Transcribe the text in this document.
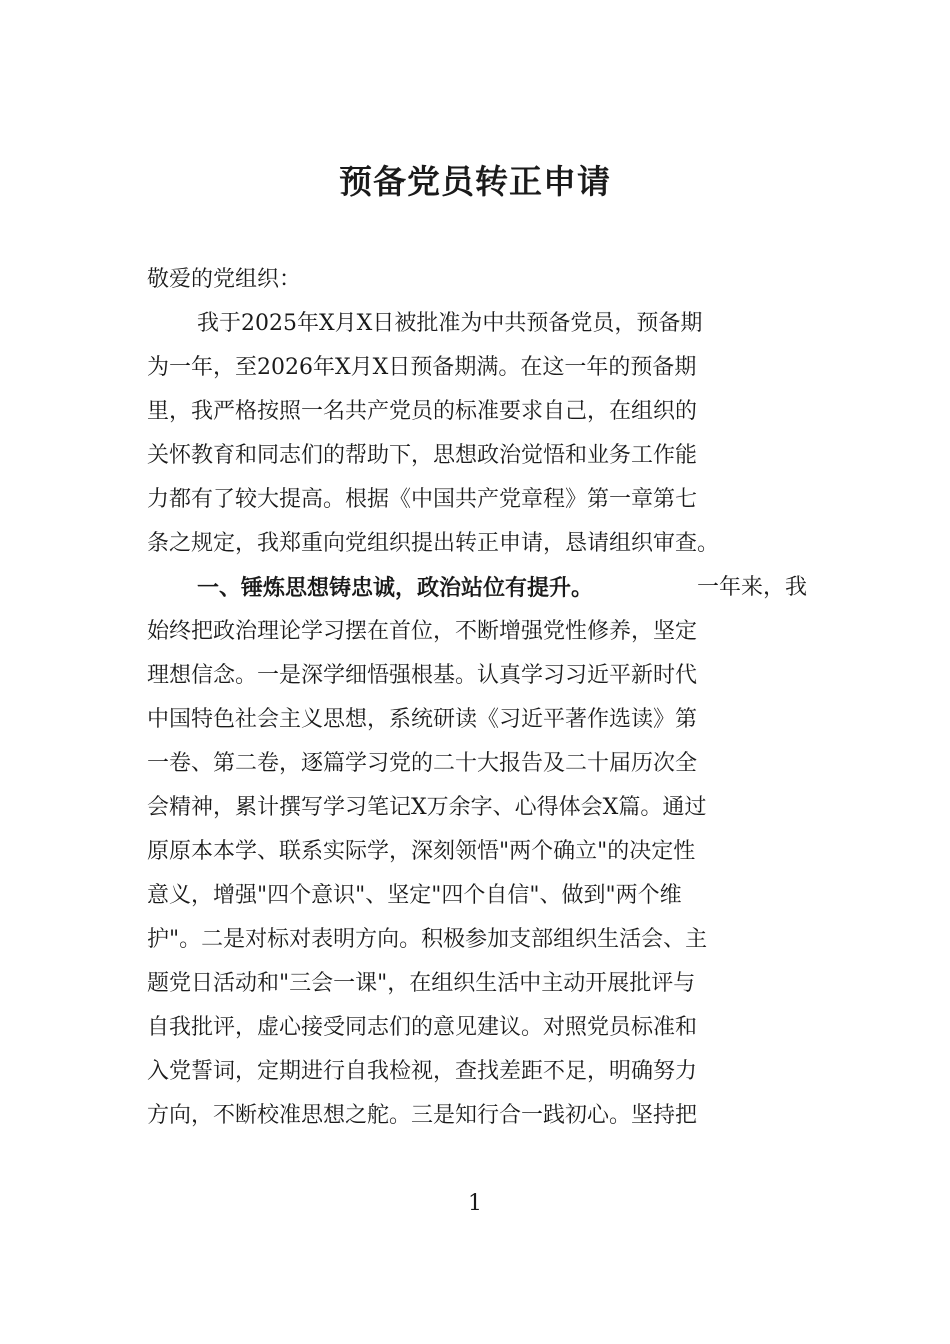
预备党员转正申请
敬爱的党组织：
我于2025年X月X日被批准为中共预备党员，预备期
为一年，至2026年X月X日预备期满。在这一年的预备期
里，我严格按照一名共产党员的标准要求自己，在组织的
关怀教育和同志们的帮助下，思想政治觉悟和业务工作能
力都有了较大提高。根据《中国共产党章程》第一章第七
条之规定，我郑重向党组织提出转正申请，恳请组织审查。
一、锤炼思想铸忠诚，政治站位有提升。	一年来，我
始终把政治理论学习摆在首位，不断增强党性修养，坚定
理想信念。一是深学细悟强根基。认真学习习近平新时代
中国特色社会主义思想，系统研读《习近平著作选读》第
一卷、第二卷，逐篇学习党的二十大报告及二十届历次全
会精神，累计撰写学习笔记X万余字、心得体会X篇。通过
原原本本学、联系实际学，深刻领悟"两个确立"的决定性
意义，增强"四个意识"、坚定"四个自信"、做到"两个维
护"。二是对标对表明方向。积极参加支部组织生活会、主
题党日活动和"三会一课"，在组织生活中主动开展批评与
自我批评，虚心接受同志们的意见建议。对照党员标准和
入党誓词，定期进行自我检视，查找差距不足，明确努力
方向，不断校准思想之舵。三是知行合一践初心。坚持把
1
